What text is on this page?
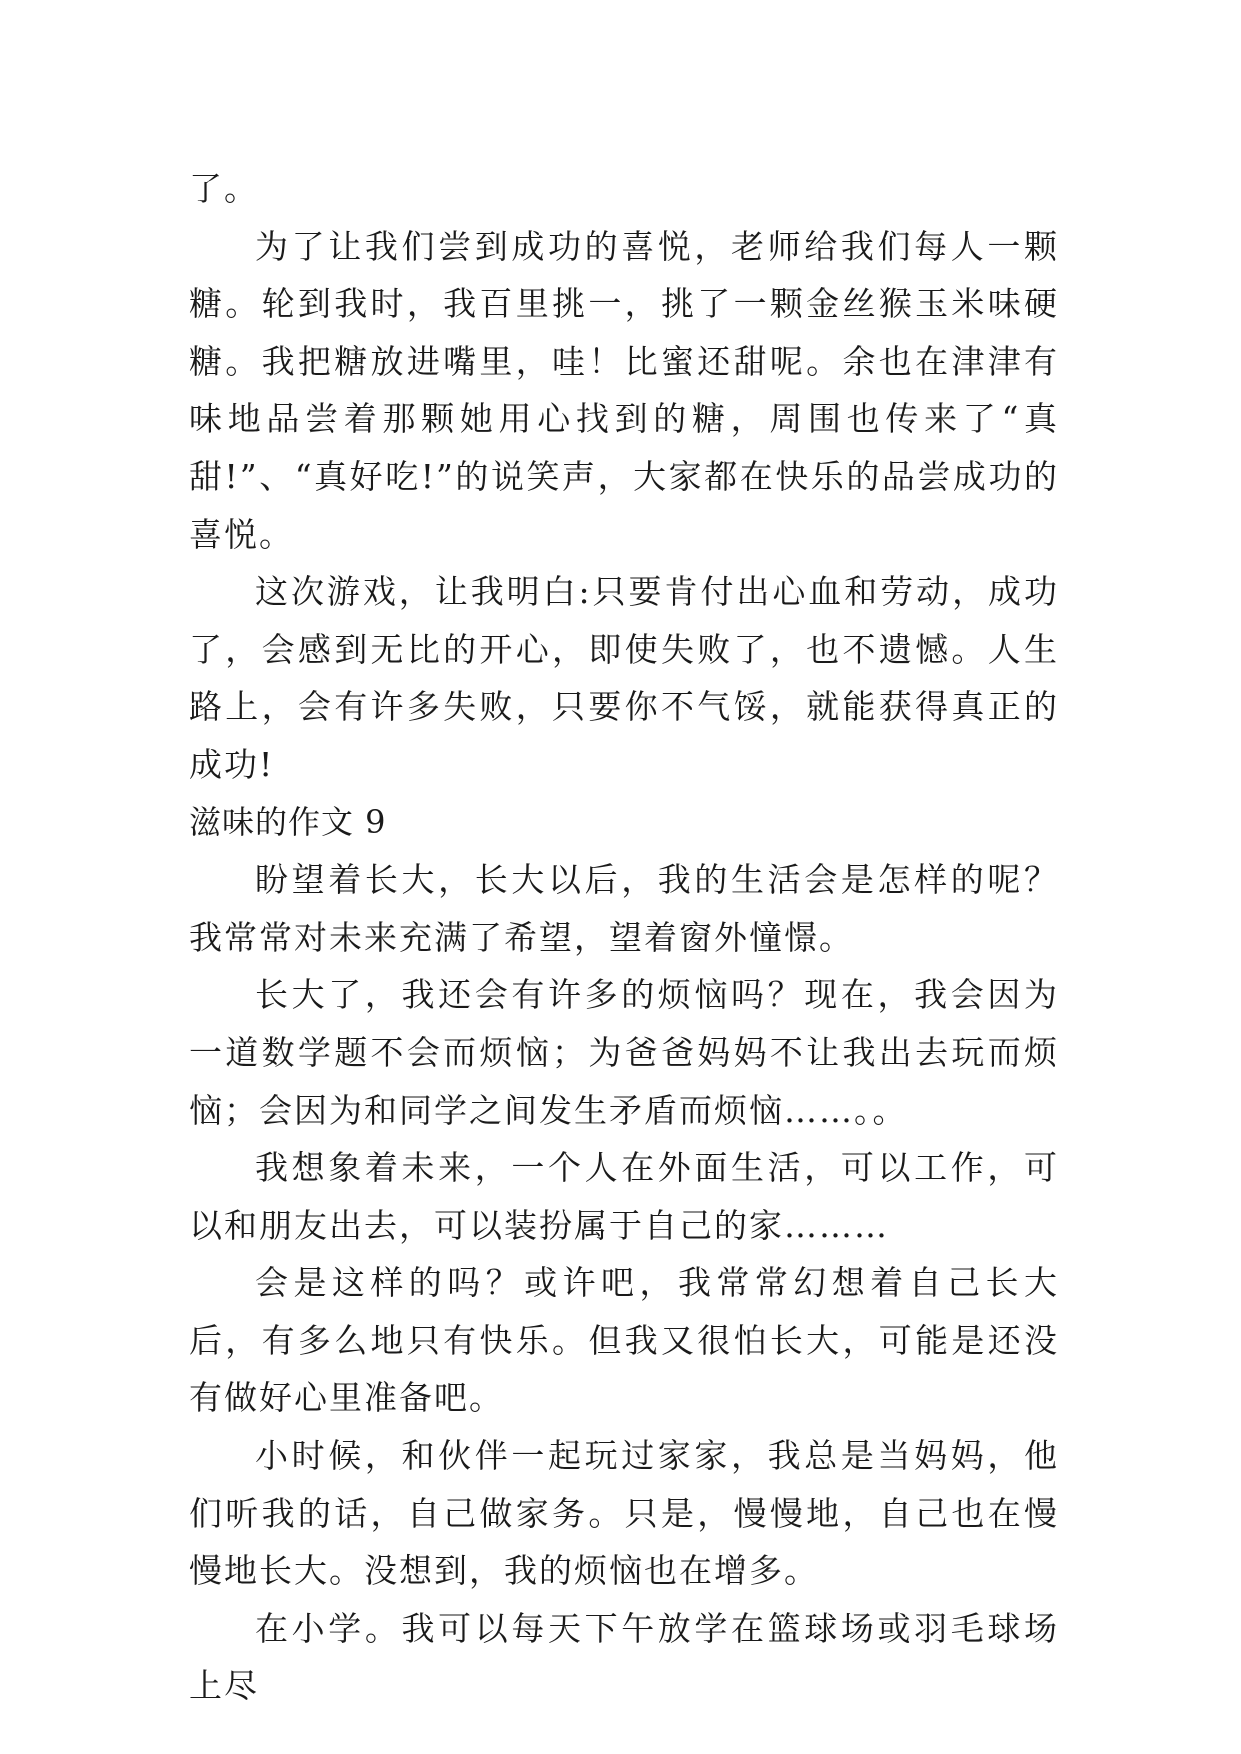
了。

为了让我们尝到成功的喜悦，老师给我们每人一颗糖。轮到我时，我百里挑一，挑了一颗金丝猴玉米味硬糖。我把糖放进嘴里，哇！比蜜还甜呢。余也在津津有味地品尝着那颗她用心找到的糖，周围也传来了“真甜!”、“真好吃!”的说笑声，大家都在快乐的品尝成功的喜悦。

这次游戏，让我明白:只要肯付出心血和劳动，成功了，会感到无比的开心，即使失败了，也不遗憾。人生路上，会有许多失败，只要你不气馁，就能获得真正的成功!

滋味的作文 9

盼望着长大，长大以后，我的生活会是怎样的呢？我常常对未来充满了希望，望着窗外憧憬。

长大了，我还会有许多的烦恼吗？现在，我会因为一道数学题不会而烦恼；为爸爸妈妈不让我出去玩而烦恼；会因为和同学之间发生矛盾而烦恼……。。

我想象着未来，一个人在外面生活，可以工作，可以和朋友出去，可以装扮属于自己的家………

会是这样的吗？或许吧，我常常幻想着自己长大后，有多么地只有快乐。但我又很怕长大，可能是还没有做好心里准备吧。

小时候，和伙伴一起玩过家家，我总是当妈妈，他们听我的话，自己做家务。只是，慢慢地，自己也在慢慢地长大。没想到，我的烦恼也在增多。

在小学。我可以每天下午放学在篮球场或羽毛球场上尽
